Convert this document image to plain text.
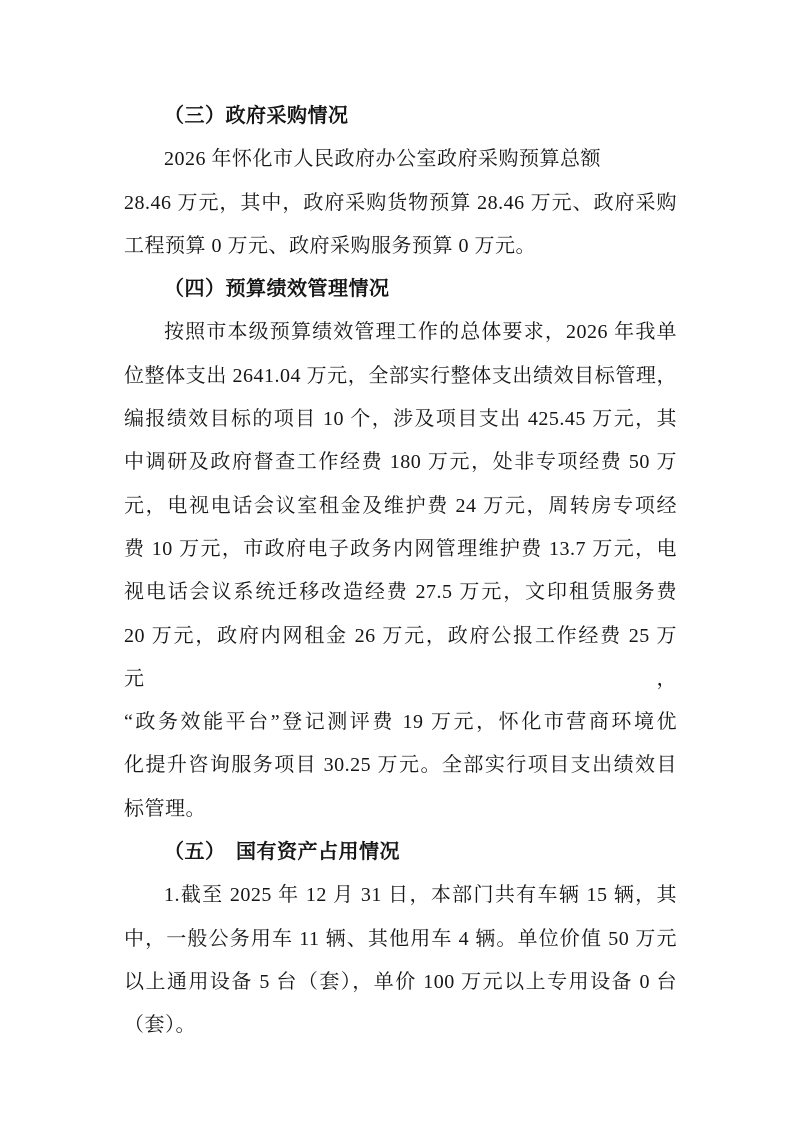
（三）政府采购情况
2026 年怀化市人民政府办公室政府采购预算总额
28.46 万元，其中，政府采购货物预算 28.46 万元、政府采购
工程预算 0 万元、政府采购服务预算 0 万元。
（四）预算绩效管理情况
按照市本级预算绩效管理工作的总体要求，2026 年我单
位整体支出 2641.04 万元，全部实行整体支出绩效目标管理，
编报绩效目标的项目 10 个，涉及项目支出 425.45 万元，其
中调研及政府督查工作经费 180 万元，处非专项经费 50 万
元，电视电话会议室租金及维护费 24 万元，周转房专项经
费 10 万元，市政府电子政务内网管理维护费 13.7 万元，电
视电话会议系统迁移改造经费 27.5 万元，文印租赁服务费
20 万元，政府内网租金 26 万元，政府公报工作经费 25 万元，
“政务效能平台”登记测评费 19 万元，怀化市营商环境优
化提升咨询服务项目 30.25 万元。全部实行项目支出绩效目
标管理。
（五）　国有资产占用情况
1.截至 2025 年 12 月 31 日，本部门共有车辆 15 辆，其
中，一般公务用车 11 辆、其他用车 4 辆。单位价值 50 万元
以上通用设备 5 台（套），单价 100 万元以上专用设备 0 台
（套）。
